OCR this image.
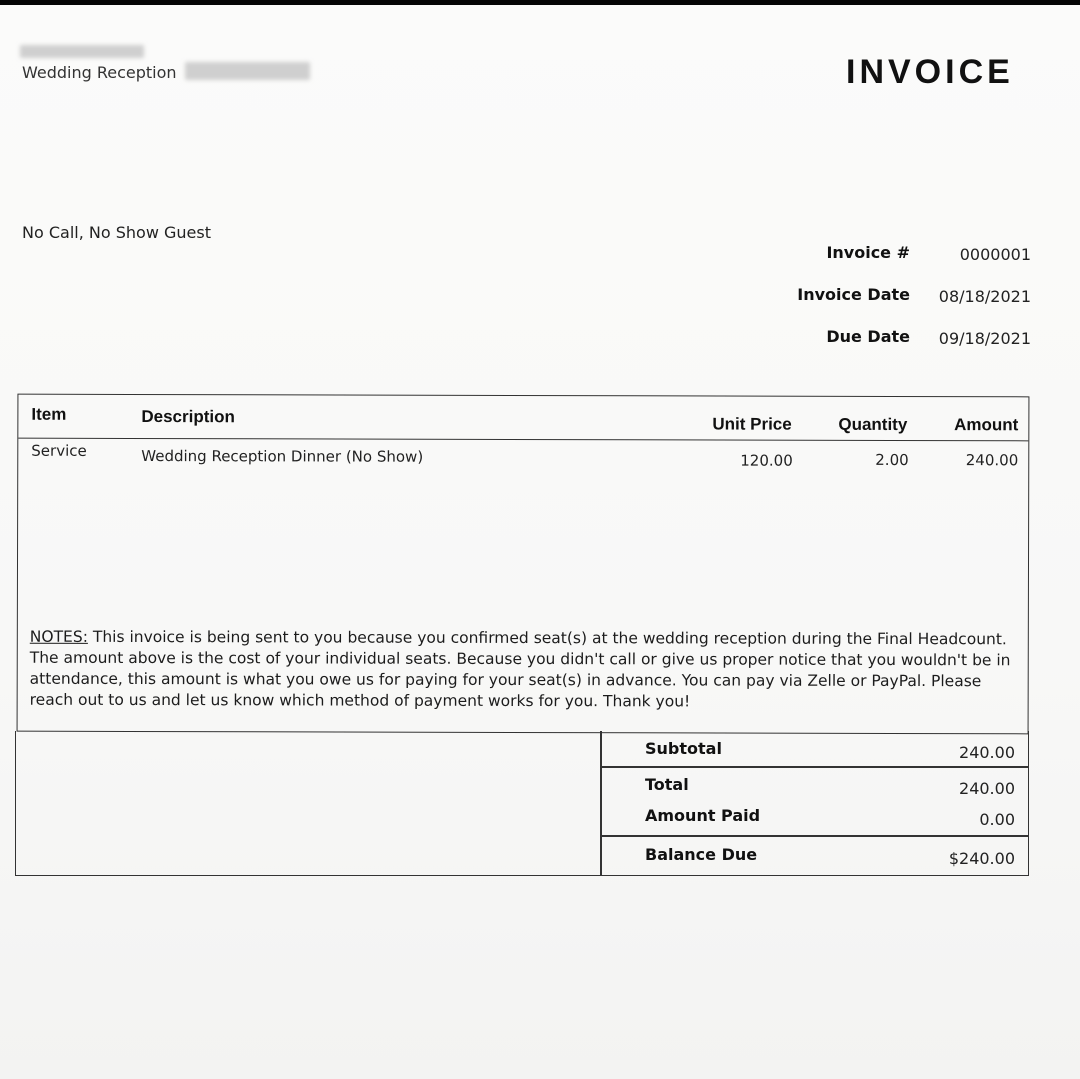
Wedding Reception	INVOICE
No Call, No Show Guest
Invoice #	0000001
Invoice Date 08/18/2021
Due Date 09/18/2021
Item	Description	Unit Price	Quantity	Amount
Service	Wedding Reception Dinner (No Show)	120.00	2.00	240.00
NOTES: This invoice is being sent to you because you confirmed seat(s) at the wedding reception during the Final Headcount. The amount above is the cost of your individual seats. Because you didn't call or give us proper notice that you wouldn't be in attendance, this amount is what you owe us for paying for your seat(s) in advance. You can pay via Zelle or PayPal. Please reach out to us and let us know which method of payment works for you. Thank you!
Subtotal	240.00
Total	240.00
Amount Paid	0.00
Balance Due	$240.00
